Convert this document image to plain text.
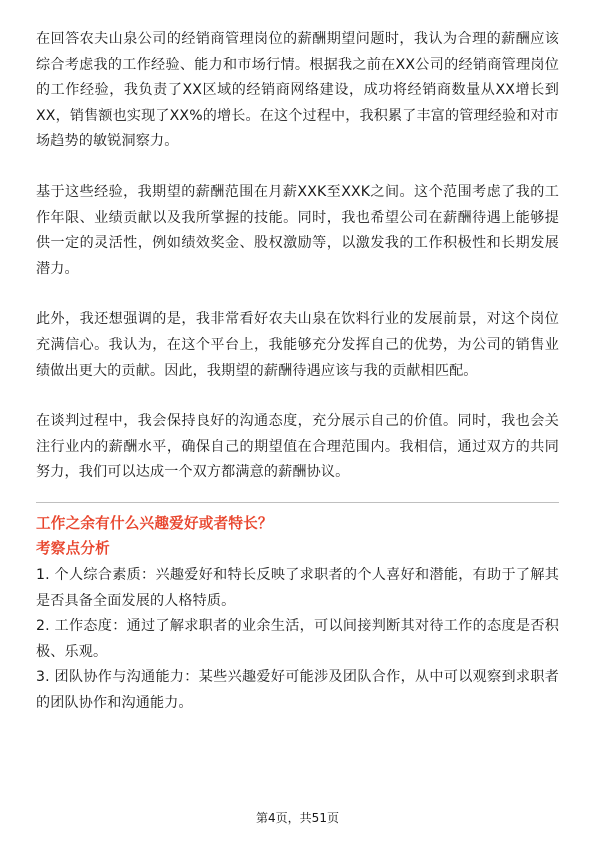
在回答农夫山泉公司的经销商管理岗位的薪酬期望问题时，我认为合理的薪酬应该综合考虑我的工作经验、能力和市场行情。根据我之前在XX公司的经销商管理岗位的工作经验，我负责了XX区域的经销商网络建设，成功将经销商数量从XX增长到XX，销售额也实现了XX%的增长。在这个过程中，我积累了丰富的管理经验和对市场趋势的敏锐洞察力。

基于这些经验，我期望的薪酬范围在月薪XXK至XXK之间。这个范围考虑了我的工作年限、业绩贡献以及我所掌握的技能。同时，我也希望公司在薪酬待遇上能够提供一定的灵活性，例如绩效奖金、股权激励等，以激发我的工作积极性和长期发展潜力。

此外，我还想强调的是，我非常看好农夫山泉在饮料行业的发展前景，对这个岗位充满信心。我认为，在这个平台上，我能够充分发挥自己的优势，为公司的销售业绩做出更大的贡献。因此，我期望的薪酬待遇应该与我的贡献相匹配。

在谈判过程中，我会保持良好的沟通态度，充分展示自己的价值。同时，我也会关注行业内的薪酬水平，确保自己的期望值在合理范围内。我相信，通过双方的共同努力，我们可以达成一个双方都满意的薪酬协议。

工作之余有什么兴趣爱好或者特长？

考察点分析

1. 个人综合素质：兴趣爱好和特长反映了求职者的个人喜好和潜能，有助于了解其是否具备全面发展的人格特质。

2. 工作态度：通过了解求职者的业余生活，可以间接判断其对待工作的态度是否积极、乐观。

3. 团队协作与沟通能力：某些兴趣爱好可能涉及团队合作，从中可以观察到求职者的团队协作和沟通能力。

第4页，共51页
